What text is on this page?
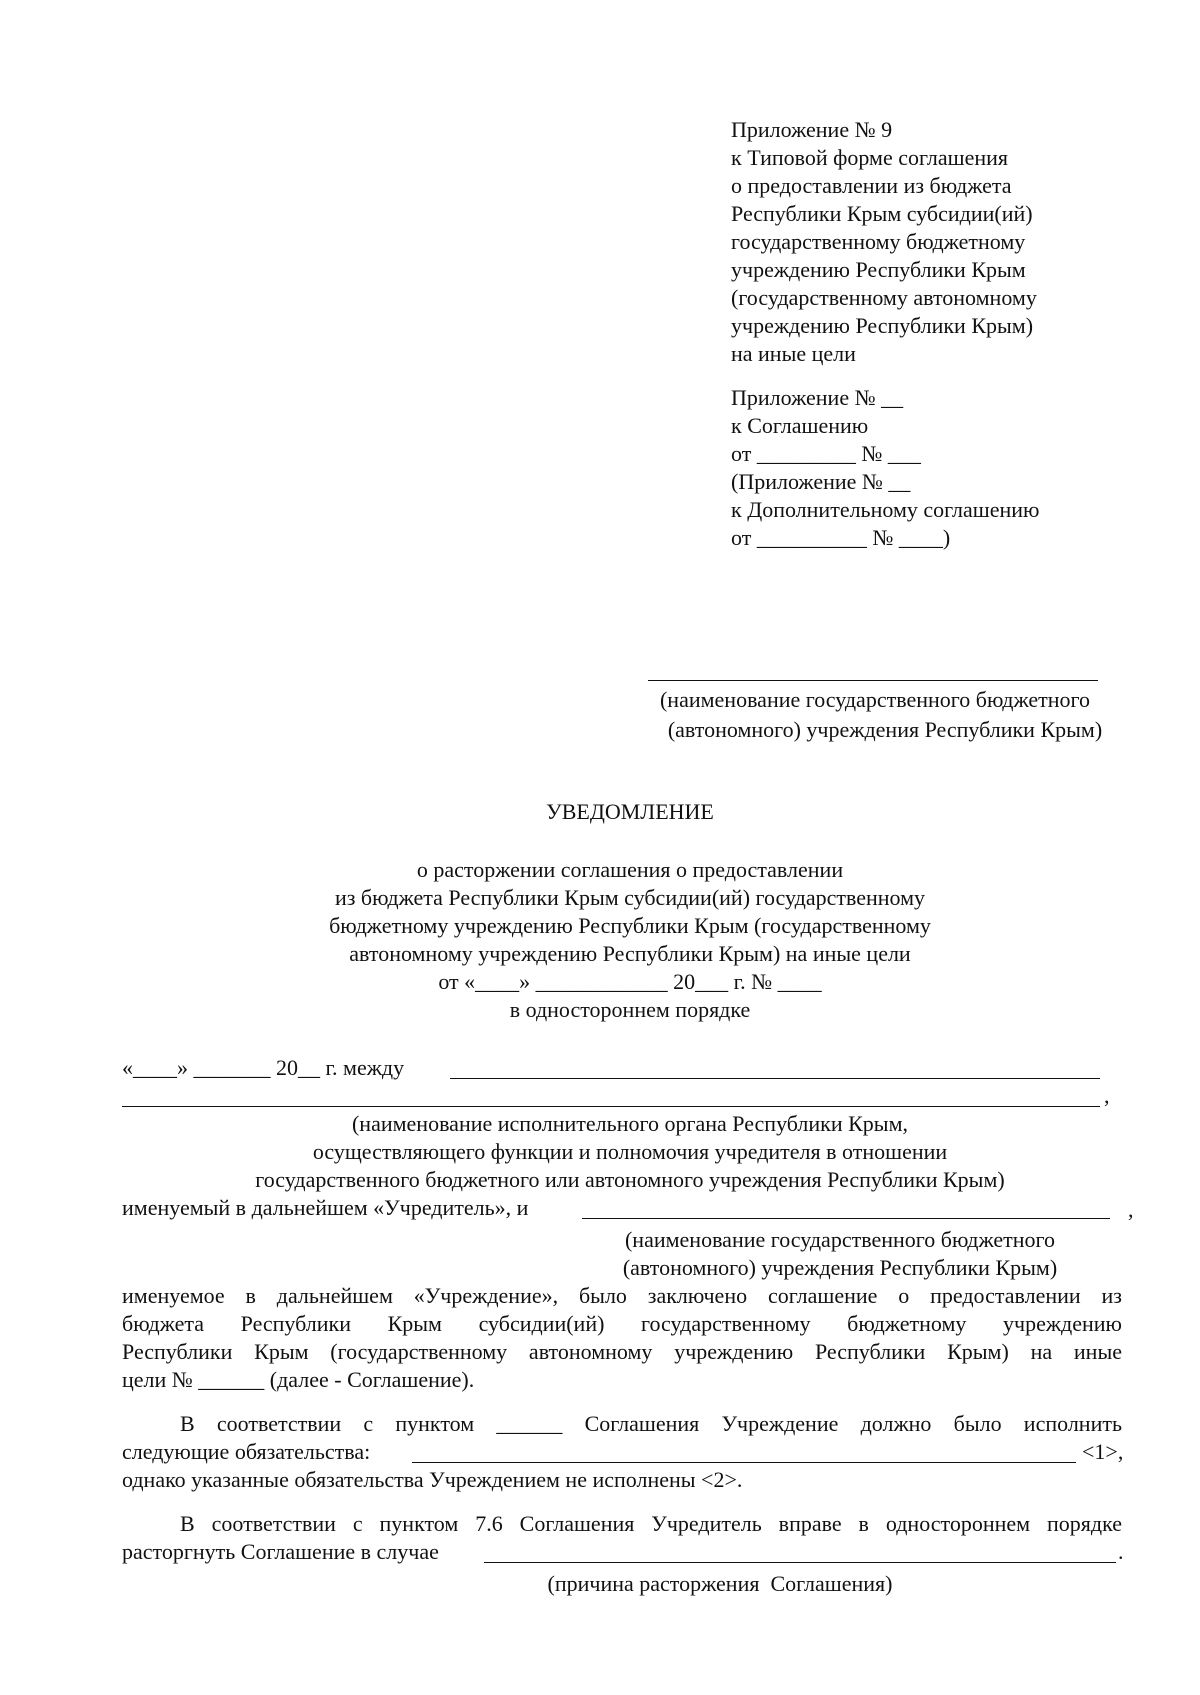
Приложение № 9
к Типовой форме соглашения
о предоставлении из бюджета
Республики Крым субсидии(ий)
государственному бюджетному
учреждению Республики Крым
(государственному автономному
учреждению Республики Крым)
на иные цели
Приложение № __
к Соглашению
от _________ № ___
(Приложение № __
к Дополнительному соглашению
от __________ № ____)
(наименование государственного бюджетного
(автономного) учреждения Республики Крым)
УВЕДОМЛЕНИЕ
о расторжении соглашения о предоставлении
из бюджета Республики Крым субсидии(ий) государственному
бюджетному учреждению Республики Крым (государственному
автономному учреждению Республики Крым) на иные цели
от «____» ____________ 20___ г. № ____
в одностороннем порядке
«____» _______ 20__ г. между
,
(наименование исполнительного органа Республики Крым,
осуществляющего функции и полномочия учредителя в отношении
государственного бюджетного или автономного учреждения Республики Крым)
именуемый в дальнейшем «Учредитель», и	,
(наименование государственного бюджетного
(автономного) учреждения Республики Крым)
именуемое в дальнейшем «Учреждение», было заключено соглашение о предоставлении из
бюджета Республики Крым субсидии(ий) государственному бюджетному учреждению
Республики Крым (государственному автономному учреждению Республики Крым) на иные
цели № ______ (далее - Соглашение).
В соответствии с пунктом ______ Соглашения Учреждение должно было исполнить
следующие обязательства:	<1>,
однако указанные обязательства Учреждением не исполнены <2>.
В соответствии с пунктом 7.6 Соглашения Учредитель вправе в одностороннем порядке
расторгнуть Соглашение в случае	.
(причина расторжения  Соглашения)
